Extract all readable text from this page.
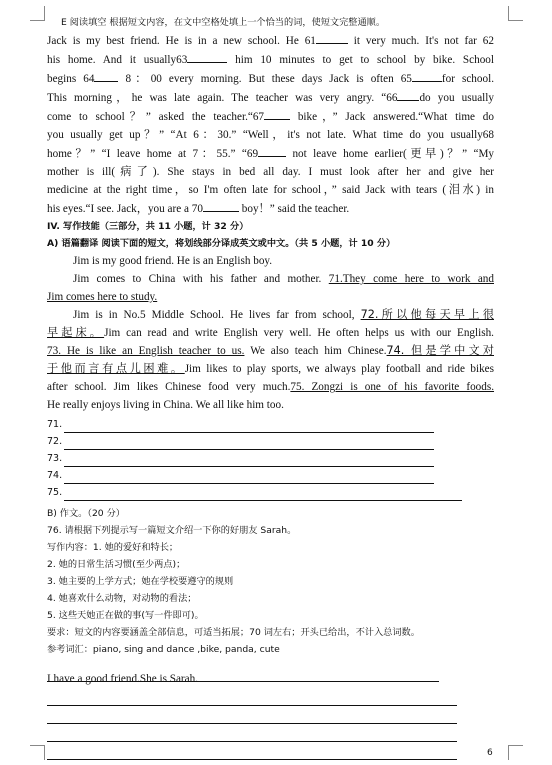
E 阅读填空 根据短文内容，在文中空格处填上一个恰当的词，使短文完整通顺。

Jack is my best friend. He is in a new school. He 61	it very much. It's not far 62

his home. And it usually63	him 10 minutes to get to school by bike. School

begins 64 8：00 every morning. But these days Jack is often 65	for school.

This morning，he was late again. The teacher was very angry. “66 do you usually

come to school？” asked the teacher.“67 bike，” Jack answered.“What time do

you usually get up？” “At 6：30.” “Well，it's not late. What time do you usually68

home？” “I leave home at 7：55.” “69	not leave home earlier(更早)？” “My

mother is ill(病了). She stays in bed all day. I must look after her and give her

medicine at the right time，so I'm often late for school，” said Jack with tears (泪水) in

his eyes.“I see. Jack，you are a 70	boy！” said the teacher.

IV. 写作技能（三部分，共 11 小题，计 32 分）

A) 语篇翻译 阅读下面的短文，将划线部分译成英文或中文。（共 5 小题，计 10 分）

Jim is my good friend. He is an English boy.

Jim comes to China with his father and mother. 71.They come here to work and

Jim comes here to study.

Jim is in No.5 Middle School. He lives far from school, 72.所以他每天早上很

早起床。Jim can read and write English very well. He often helps us with our English.

73. He is like an English teacher to us. We also teach him Chinese.74. 但是学中文对

于他而言有点儿困难。Jim likes to play sports, we always play football and ride bikes

after school. Jim likes Chinese food very much.75. Zongzi is one of his favorite foods.

He really enjoys living in China. We all like him too.

71.
72.
73.
74.
75.

B) 作文。（20 分）

76. 请根据下列提示写一篇短文介绍一下你的好朋友 Sarah。

写作内容：1. 她的爱好和特长；

2. 她的日常生活习惯(至少两点)；

3. 她主要的上学方式；她在学校要遵守的规则

4. 她喜欢什么动物，对动物的看法；

5. 这些天她正在做的事(写一件即可)。

要求：短文的内容要涵盖全部信息，可适当拓展；70 词左右；开头已给出，不计入总词数。

参考词汇：piano, sing and dance ,bike, panda, cute

I have a good friend.She is Sarah.

6
